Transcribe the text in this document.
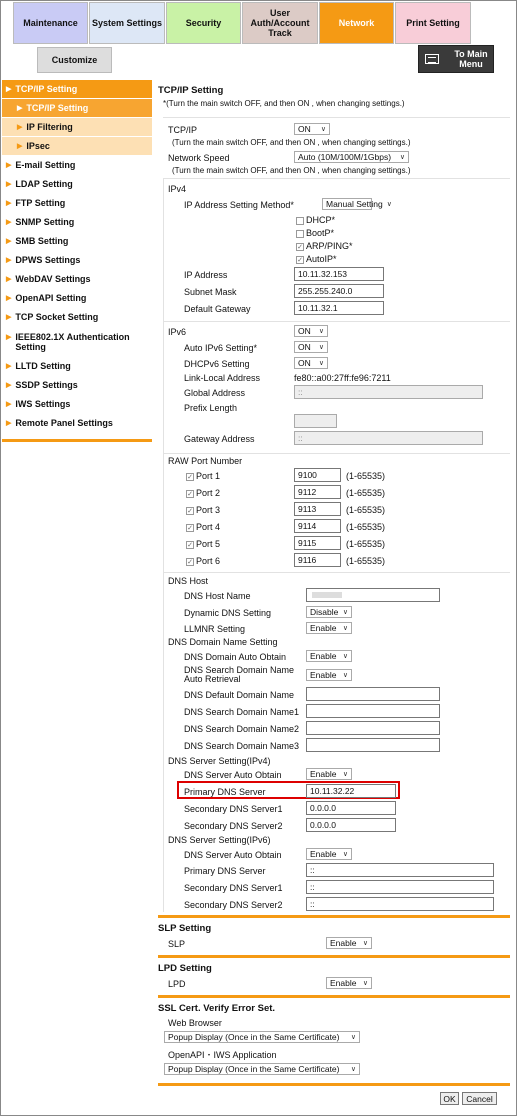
Maintenance	System Settings	Security
User Auth/Account Track
Network	Print Setting
Customize
To Main Menu
▶ TCP/IP Setting
▶ TCP/IP Setting
▶ IP Filtering
▶ IPsec
▶ E-mail Setting
▶ LDAP Setting
▶ FTP Setting
▶ SNMP Setting
▶ SMB Setting
▶ DPWS Settings
▶ WebDAV Settings
▶ OpenAPI Setting
▶ TCP Socket Setting
▶ IEEE802.1X Authentication Setting
▶ LLTD Setting
▶ SSDP Settings
▶ IWS Settings
▶ Remote Panel Settings
TCP/IP Setting
*(Turn the main switch OFF, and then ON , when changing settings.)
TCP/IP	ON ∨
(Turn the main switch OFF, and then ON , when changing settings.)
Network Speed	Auto (10M/100M/1Gbps) ∨
(Turn the main switch OFF, and then ON , when changing settings.)
IPv4
IP Address Setting Method*	Manual Setting ∨
DHCP*
BootP*
✓ ARP/PING*
✓ AutoIP*
IP Address	10.11.32.153
Subnet Mask	255.255.240.0
Default Gateway	10.11.32.1
IPv6	ON ∨
Auto IPv6 Setting*	ON ∨
DHCPv6 Setting	ON ∨
Link-Local Address	fe80::a00:27ff:fe96:7211
Global Address	::
Prefix Length
Gateway Address	::
RAW Port Number
✓ Port 1	9100	(1-65535)
✓ Port 2	9112	(1-65535)
✓ Port 3	9113	(1-65535)
✓ Port 4	9114	(1-65535)
✓ Port 5	9115	(1-65535)
✓ Port 6	9116	(1-65535)
DNS Host
DNS Host Name
Dynamic DNS Setting	Disable ∨
LLMNR Setting	Enable ∨
DNS Domain Name Setting
DNS Domain Auto Obtain	Enable ∨
DNS Search Domain Name Auto Retrieval	Enable ∨
DNS Default Domain Name
DNS Search Domain Name1
DNS Search Domain Name2
DNS Search Domain Name3
DNS Server Setting(IPv4)
DNS Server Auto Obtain	Enable ∨
Primary DNS Server	10.11.32.22
Secondary DNS Server1	0.0.0.0
Secondary DNS Server2	0.0.0.0
DNS Server Setting(IPv6)
DNS Server Auto Obtain	Enable ∨
Primary DNS Server	::
Secondary DNS Server1	::
Secondary DNS Server2	::
SLP Setting
SLP	Enable ∨
LPD Setting
LPD	Enable ∨
SSL Cert. Verify Error Set.
Web Browser
Popup Display (Once in the Same Certificate) ∨
OpenAPI・IWS Application
Popup Display (Once in the Same Certificate) ∨
OK	Cancel
